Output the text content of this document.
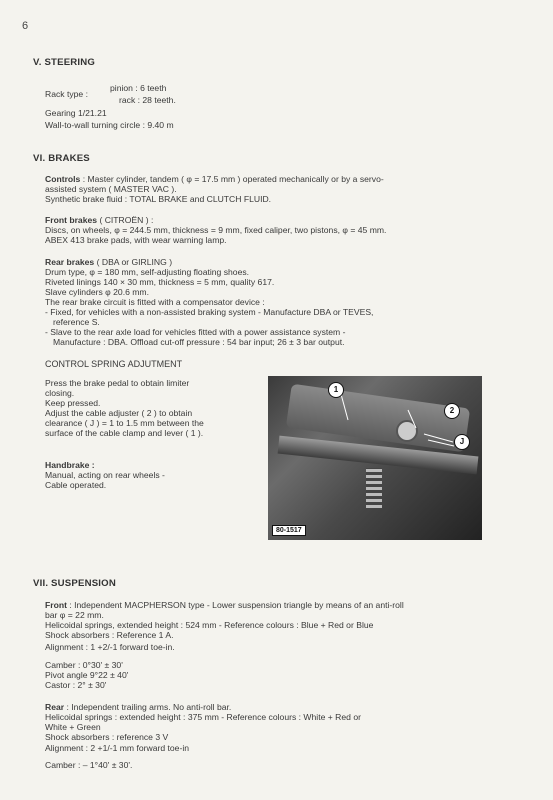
6
V. STEERING
Rack type :
pinion : 6 teeth
rack : 28 teeth.
Gearing 1/21.21
Wall-to-wall turning circle : 9.40 m
VI. BRAKES
Controls : Master cylinder, tandem ( φ = 17.5 mm ) operated mechanically or by a servo-
assisted system ( MASTER VAC ).
Synthetic brake fluid : TOTAL BRAKE and CLUTCH FLUID.
Front brakes ( CITROËN ) :
Discs, on wheels, φ = 244.5 mm, thickness = 9 mm, fixed caliper, two pistons, φ = 45 mm.
ABEX 413 brake pads, with wear warning lamp.
Rear brakes ( DBA or GIRLING )
Drum type, φ = 180 mm, self-adjusting floating shoes.
Riveted linings 140 × 30 mm, thickness = 5 mm, quality 617.
Slave cylinders φ 20.6 mm.
The rear brake circuit is fitted with a compensator device :
- Fixed, for vehicles with a non-assisted braking system - Manufacture DBA or TEVES,
reference S.
- Slave to the rear axle load for vehicles fitted with a power assistance system -
Manufacture : DBA. Offload cut-off pressure : 54 bar input; 26 ± 3 bar output.
CONTROL SPRING ADJUTMENT
Press the brake pedal to obtain limiter
closing.
Keep pressed.
Adjust the cable adjuster ( 2 ) to obtain
clearance ( J ) = 1 to 1.5 mm between the
surface of the cable clamp and lever ( 1 ).
Handbrake :
Manual, acting on rear wheels -
Cable operated.
1
2
J
80-1517
VII. SUSPENSION
Front : Independent MACPHERSON type - Lower suspension triangle by means of an anti-roll
bar φ = 22 mm.
Helicoidal springs, extended height : 524 mm - Reference colours : Blue + Red or Blue
Shock absorbers : Reference 1 A.
Alignment : 1 +2/-1 forward toe-in.
Camber : 0°30' ± 30'
Pivot angle 9°22 ± 40'
Castor : 2° ± 30'
Rear : Independent trailing arms. No anti-roll bar.
Helicoidal springs : extended height : 375 mm - Reference colours : White + Red or
White + Green
Shock absorbers : reference 3 V
Alignment : 2 +1/-1 mm forward toe-in
Camber : – 1°40' ± 30'.
